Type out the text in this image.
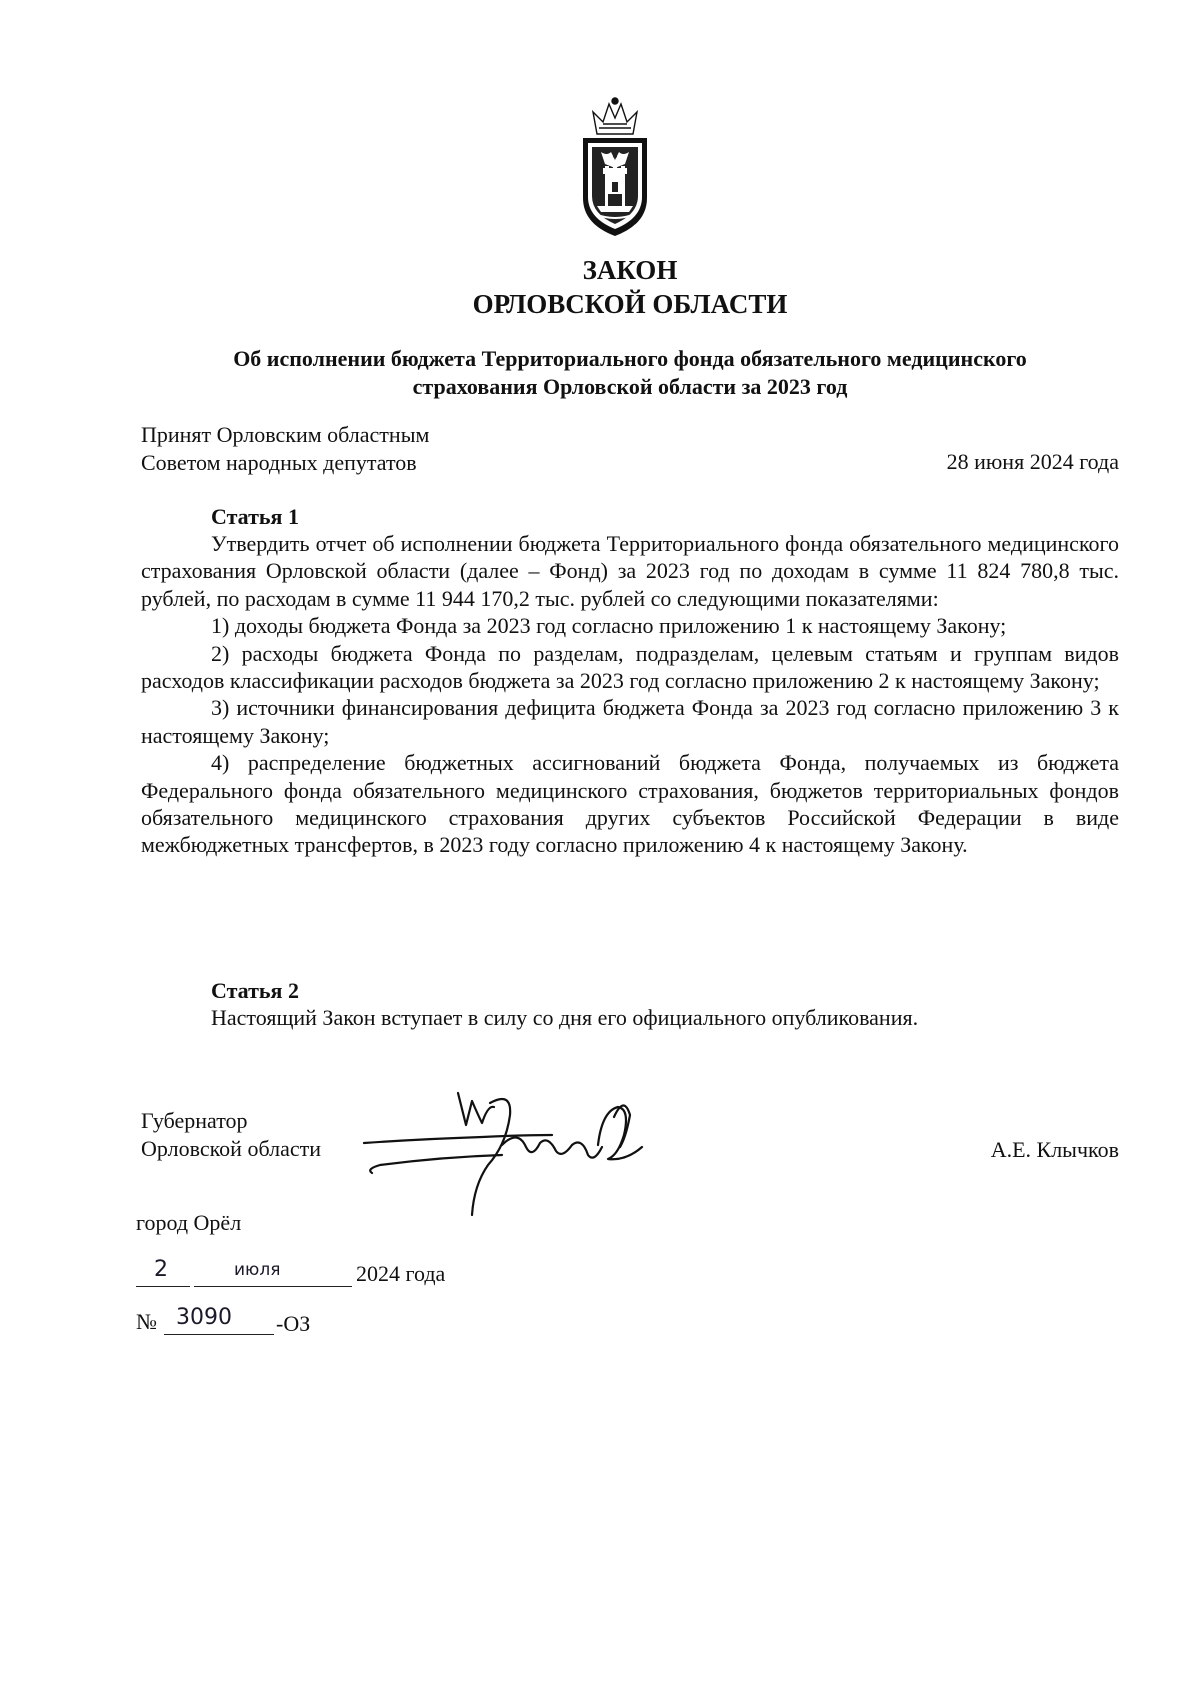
ЗАКОН
ОРЛОВСКОЙ ОБЛАСТИ
Об исполнении бюджета Территориального фонда обязательного медицинского
страхования Орловской области за 2023 год
Принят Орловским областным
Советом народных депутатов	28 июня 2024 года
Статья 1

Утвердить отчет об исполнении бюджета Территориального фонда обязательного медицинского страхования Орловской области (далее – Фонд) за 2023 год по доходам в сумме 11 824 780,8 тыс. рублей, по расходам в сумме 11 944 170,2 тыс. рублей со следующими показателями:

1) доходы бюджета Фонда за 2023 год согласно приложению 1 к настоящему Закону;

2) расходы бюджета Фонда по разделам, подразделам, целевым статьям и группам видов расходов классификации расходов бюджета за 2023 год согласно приложению 2 к настоящему Закону;

3) источники финансирования дефицита бюджета Фонда за 2023 год согласно приложению 3 к настоящему Закону;

4) распределение бюджетных ассигнований бюджета Фонда, получаемых из бюджета Федерального фонда обязательного медицинского страхования, бюджетов территориальных фондов обязательного медицинского страхования других субъектов Российской Федерации в виде межбюджетных трансфертов, в 2023 году согласно приложению 4 к настоящему Закону.

Статья 2

Настоящий Закон вступает в силу со дня его официального опубликования.

Губернатор
Орловской области	А.Е. Клычков
город Орёл
2	июля	2024 года
№ 3090 -ОЗ
